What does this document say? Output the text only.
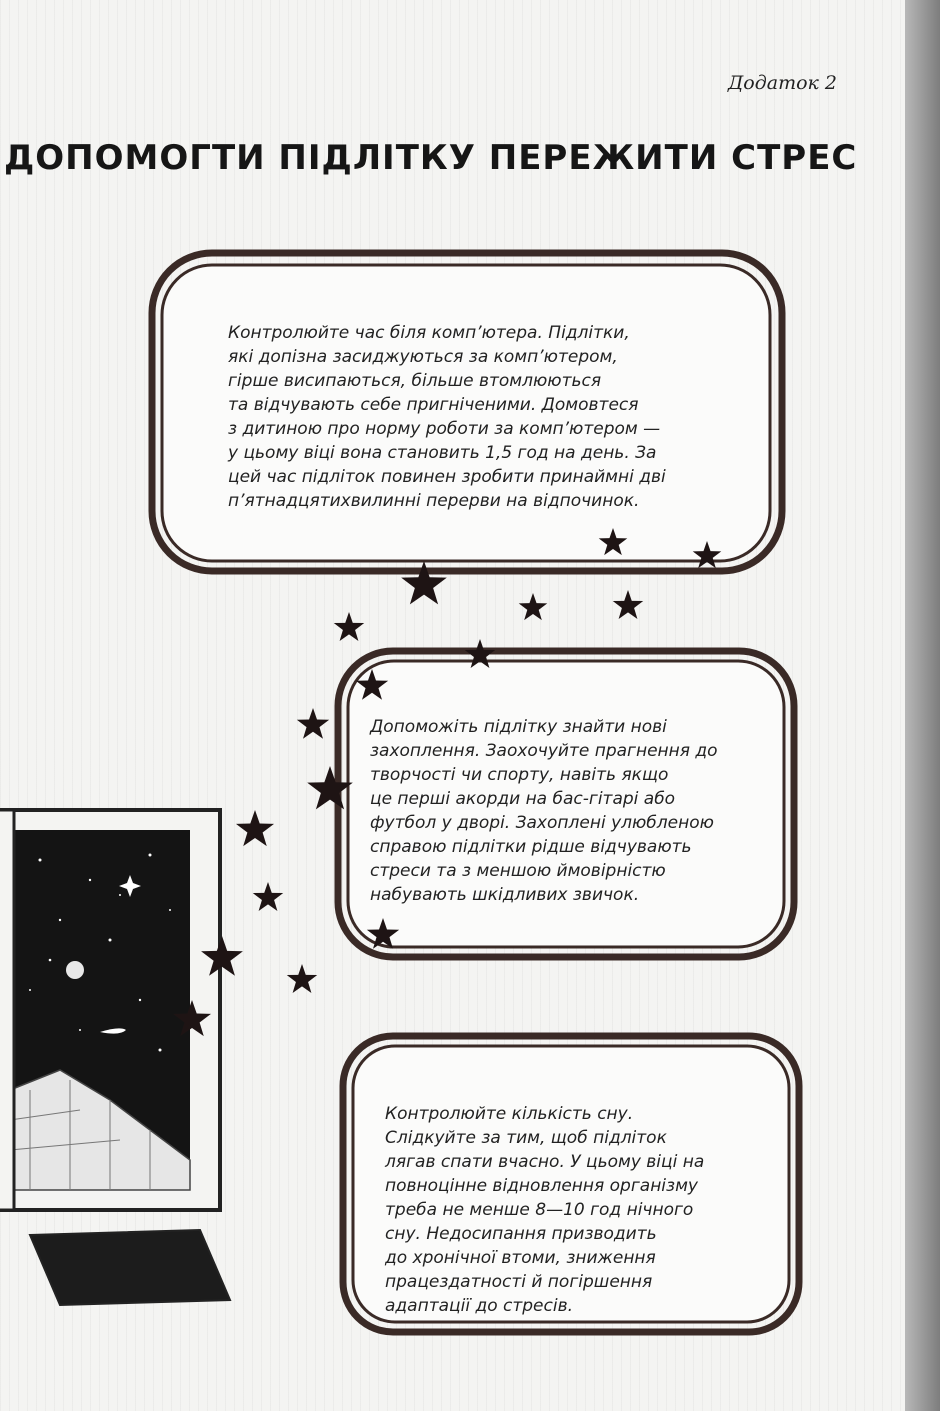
Додаток 2
ДОПОМОГТИ ПІДЛІТКУ ПЕРЕЖИТИ СТРЕС
Контролюйте час біля комп’ютера. Підлітки,
які допізна засиджуються за комп’ютером,
гірше висипаються, більше втомлюються
та відчувають себе пригніченими. Домовтеся
з дитиною про норму роботи за комп’ютером —
у цьому віці вона становить 1,5 год на день. За
цей час підліток повинен зробити принаймні дві
п’ятнадцятихвилинні перерви на відпочинок.
Допоможіть підлітку знайти нові
захоплення. Заохочуйте прагнення до
творчості чи спорту, навіть якщо
це перші акорди на бас-гітарі або
футбол у дворі. Захоплені улюбленою
справою підлітки рідше відчувають
стреси та з меншою ймовірністю
набувають шкідливих звичок.
Контролюйте кількість сну.
Слідкуйте за тим, щоб підліток
лягав спати вчасно. У цьому віці на
повноцінне відновлення організму
треба не менше 8—10 год нічного
сну. Недосипання призводить
до хронічної втоми, зниження
працездатності й погіршення
адаптації до стресів.
